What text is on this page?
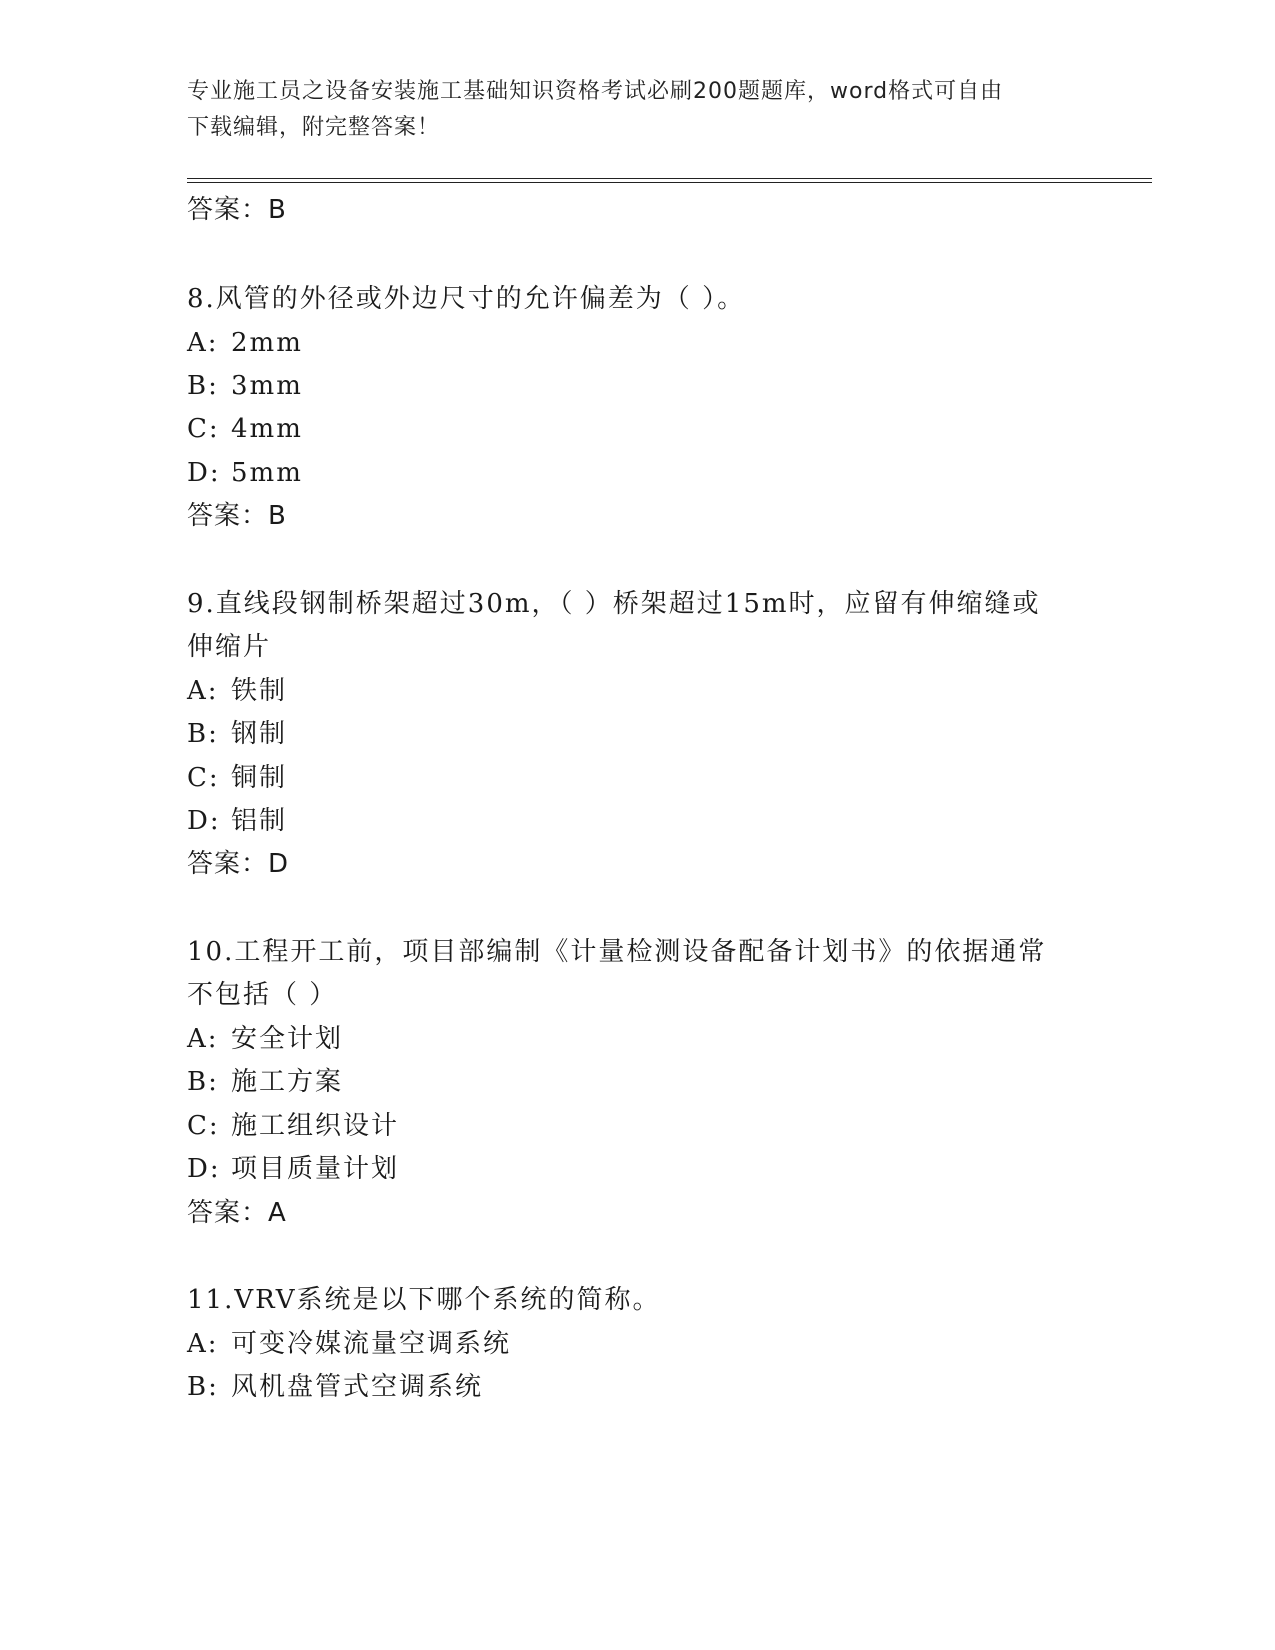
专业施工员之设备安装施工基础知识资格考试必刷200题题库，word格式可自由
下载编辑，附完整答案！
答案：B
8.风管的外径或外边尺寸的允许偏差为（ ）。
A: 2mm
B: 3mm
C: 4mm
D: 5mm
答案：B
9.直线段钢制桥架超过30m，（ ）桥架超过15m时，应留有伸缩缝或
伸缩片
A: 铁制
B: 钢制
C: 铜制
D: 铝制
答案：D
10.工程开工前，项目部编制《计量检测设备配备计划书》的依据通常
不包括（ ）
A: 安全计划
B: 施工方案
C: 施工组织设计
D: 项目质量计划
答案：A
11.VRV系统是以下哪个系统的简称。
A: 可变冷媒流量空调系统
B: 风机盘管式空调系统
